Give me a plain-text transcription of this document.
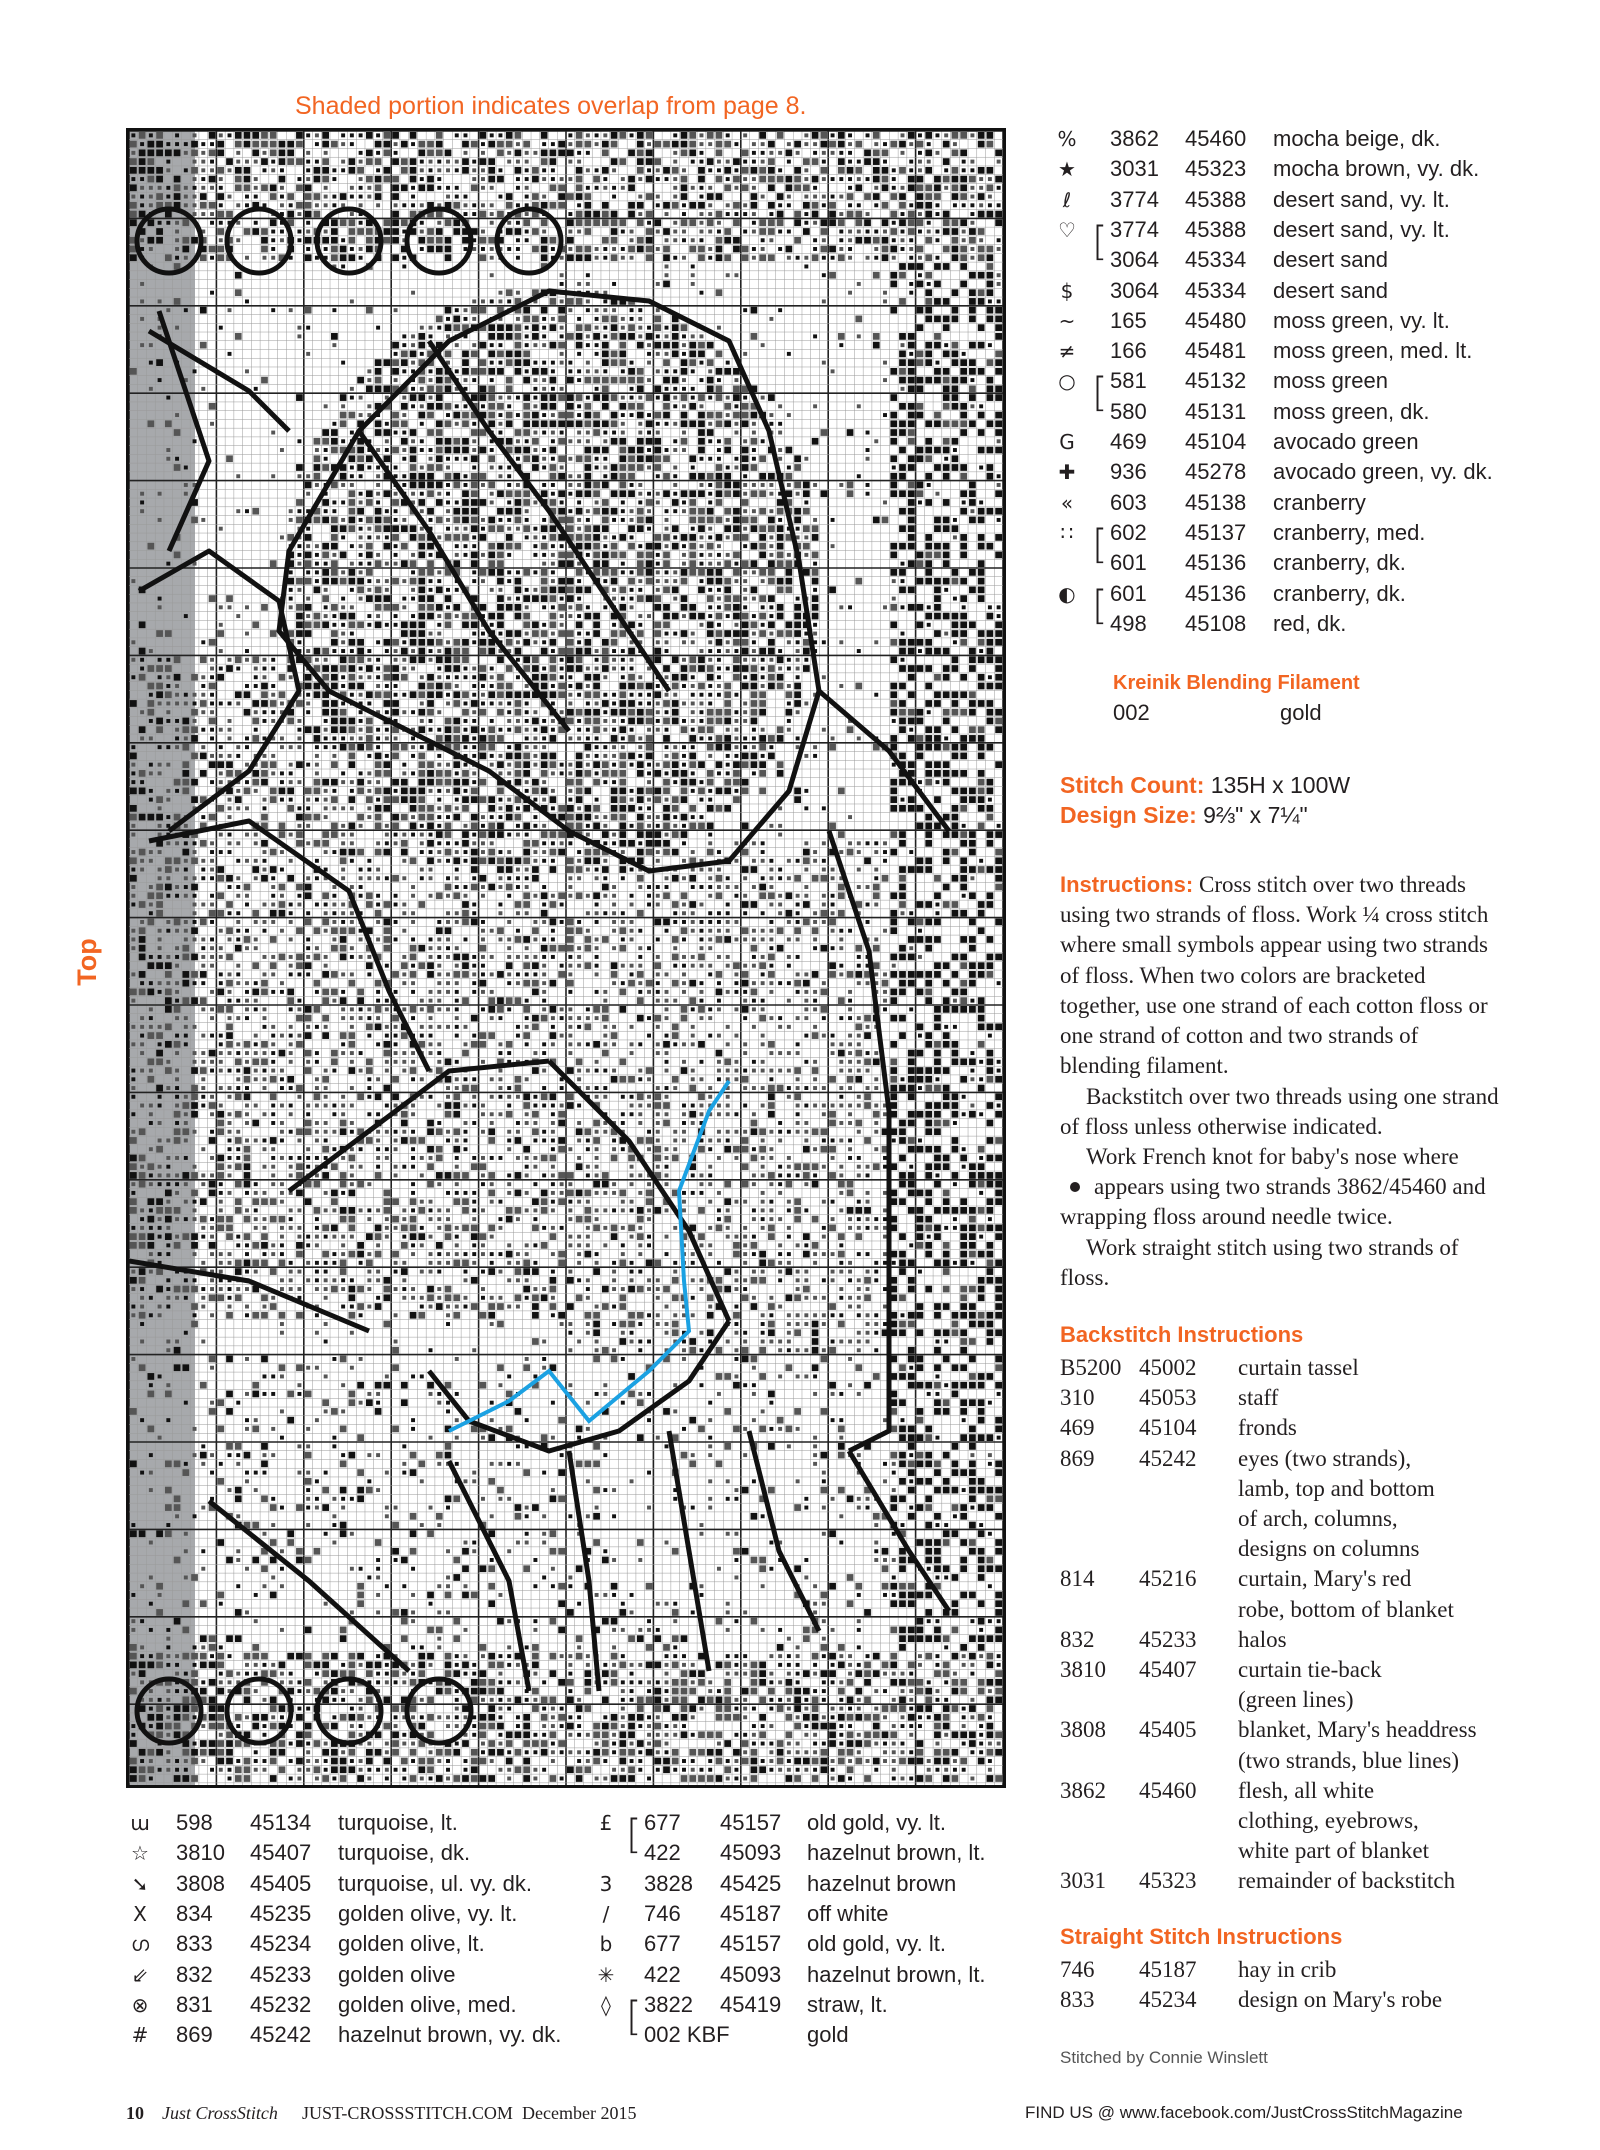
Shaded portion indicates overlap from page 8.
Top
% 3862 45460 mocha beige, dk.
★ 3031 45323 mocha brown, vy. dk.
ℓ	3774 45388 desert sand, vy. lt.
♡ [ 3774 45388 desert sand, vy. lt.
3064 45334 desert sand
$	3064 45334 desert sand
~ 165 45480 moss green, vy. lt.
≠ 166 45481 moss green, med. lt.
○ [ 581 45132 moss green
580 45131 moss green, dk.
G 469 45104 avocado green
✚ 936 45278 avocado green, vy. dk.
«	603 45138 cranberry
∷ [ 602 45137 cranberry, med.
601 45136 cranberry, dk.
◐ [ 601 45136 cranberry, dk.
498 45108 red, dk.
Kreinik Blending Filament
002	gold
Stitch Count: 135H x 100W
Design Size: 9⅔" x 7¼"
Instructions: Cross stitch over two threads using two strands of floss. Work ¼ cross stitch where small symbols appear using two strands of floss. When two colors are bracketed together, use one strand of each cotton floss or one strand of cotton and two strands of blending filament.
Backstitch over two threads using one strand of floss unless otherwise indicated.
Work French knot for baby's nose where
appears using two strands 3862/45460 and wrapping floss around needle twice.
Work straight stitch using two strands of floss.
Backstitch Instructions
B5200 45002 curtain tassel
310 45053 staff
469 45104 fronds
869 45242 eyes (two strands),
lamb, top and bottom
of arch, columns,
designs on columns
814 45216 curtain, Mary's red
robe, bottom of blanket
832 45233 halos
3810 45407 curtain tie-back
(green lines)
3808 45405 blanket, Mary's headdress
(two strands, blue lines)
3862 45460 flesh, all white
clothing, eyebrows,
white part of blanket
3031 45323 remainder of backstitch
Straight Stitch Instructions
746 45187 hay in crib
833 45234 design on Mary's robe
Stitched by Connie Winslett
ɯ 598 45134 turquoise, lt.
☆ 3810 45407 turquoise, dk.
➘ 3808 45405 turquoise, ul. vy. dk.
X	834 45235 golden olive, vy. lt.
ഗ 833 45234 golden olive, lt.
⇙ 832 45233 golden olive
⊗ 831 45232 golden olive, med.
# 869 45242 hazelnut brown, vy. dk.
£ [ 677 45157 old gold, vy. lt.
422 45093 hazelnut brown, lt.
3	3828 45425 hazelnut brown
/	746 45187 off white
b	677 45157 old gold, vy. lt.
✳ 422 45093 hazelnut brown, lt.
◊ [ 3822 45419 straw, lt.
002 KBF	gold
10 Just CrossStitch JUST-CROSSSTITCH.COM December 2015	FIND US @ www.facebook.com/JustCrossStitchMagazine
